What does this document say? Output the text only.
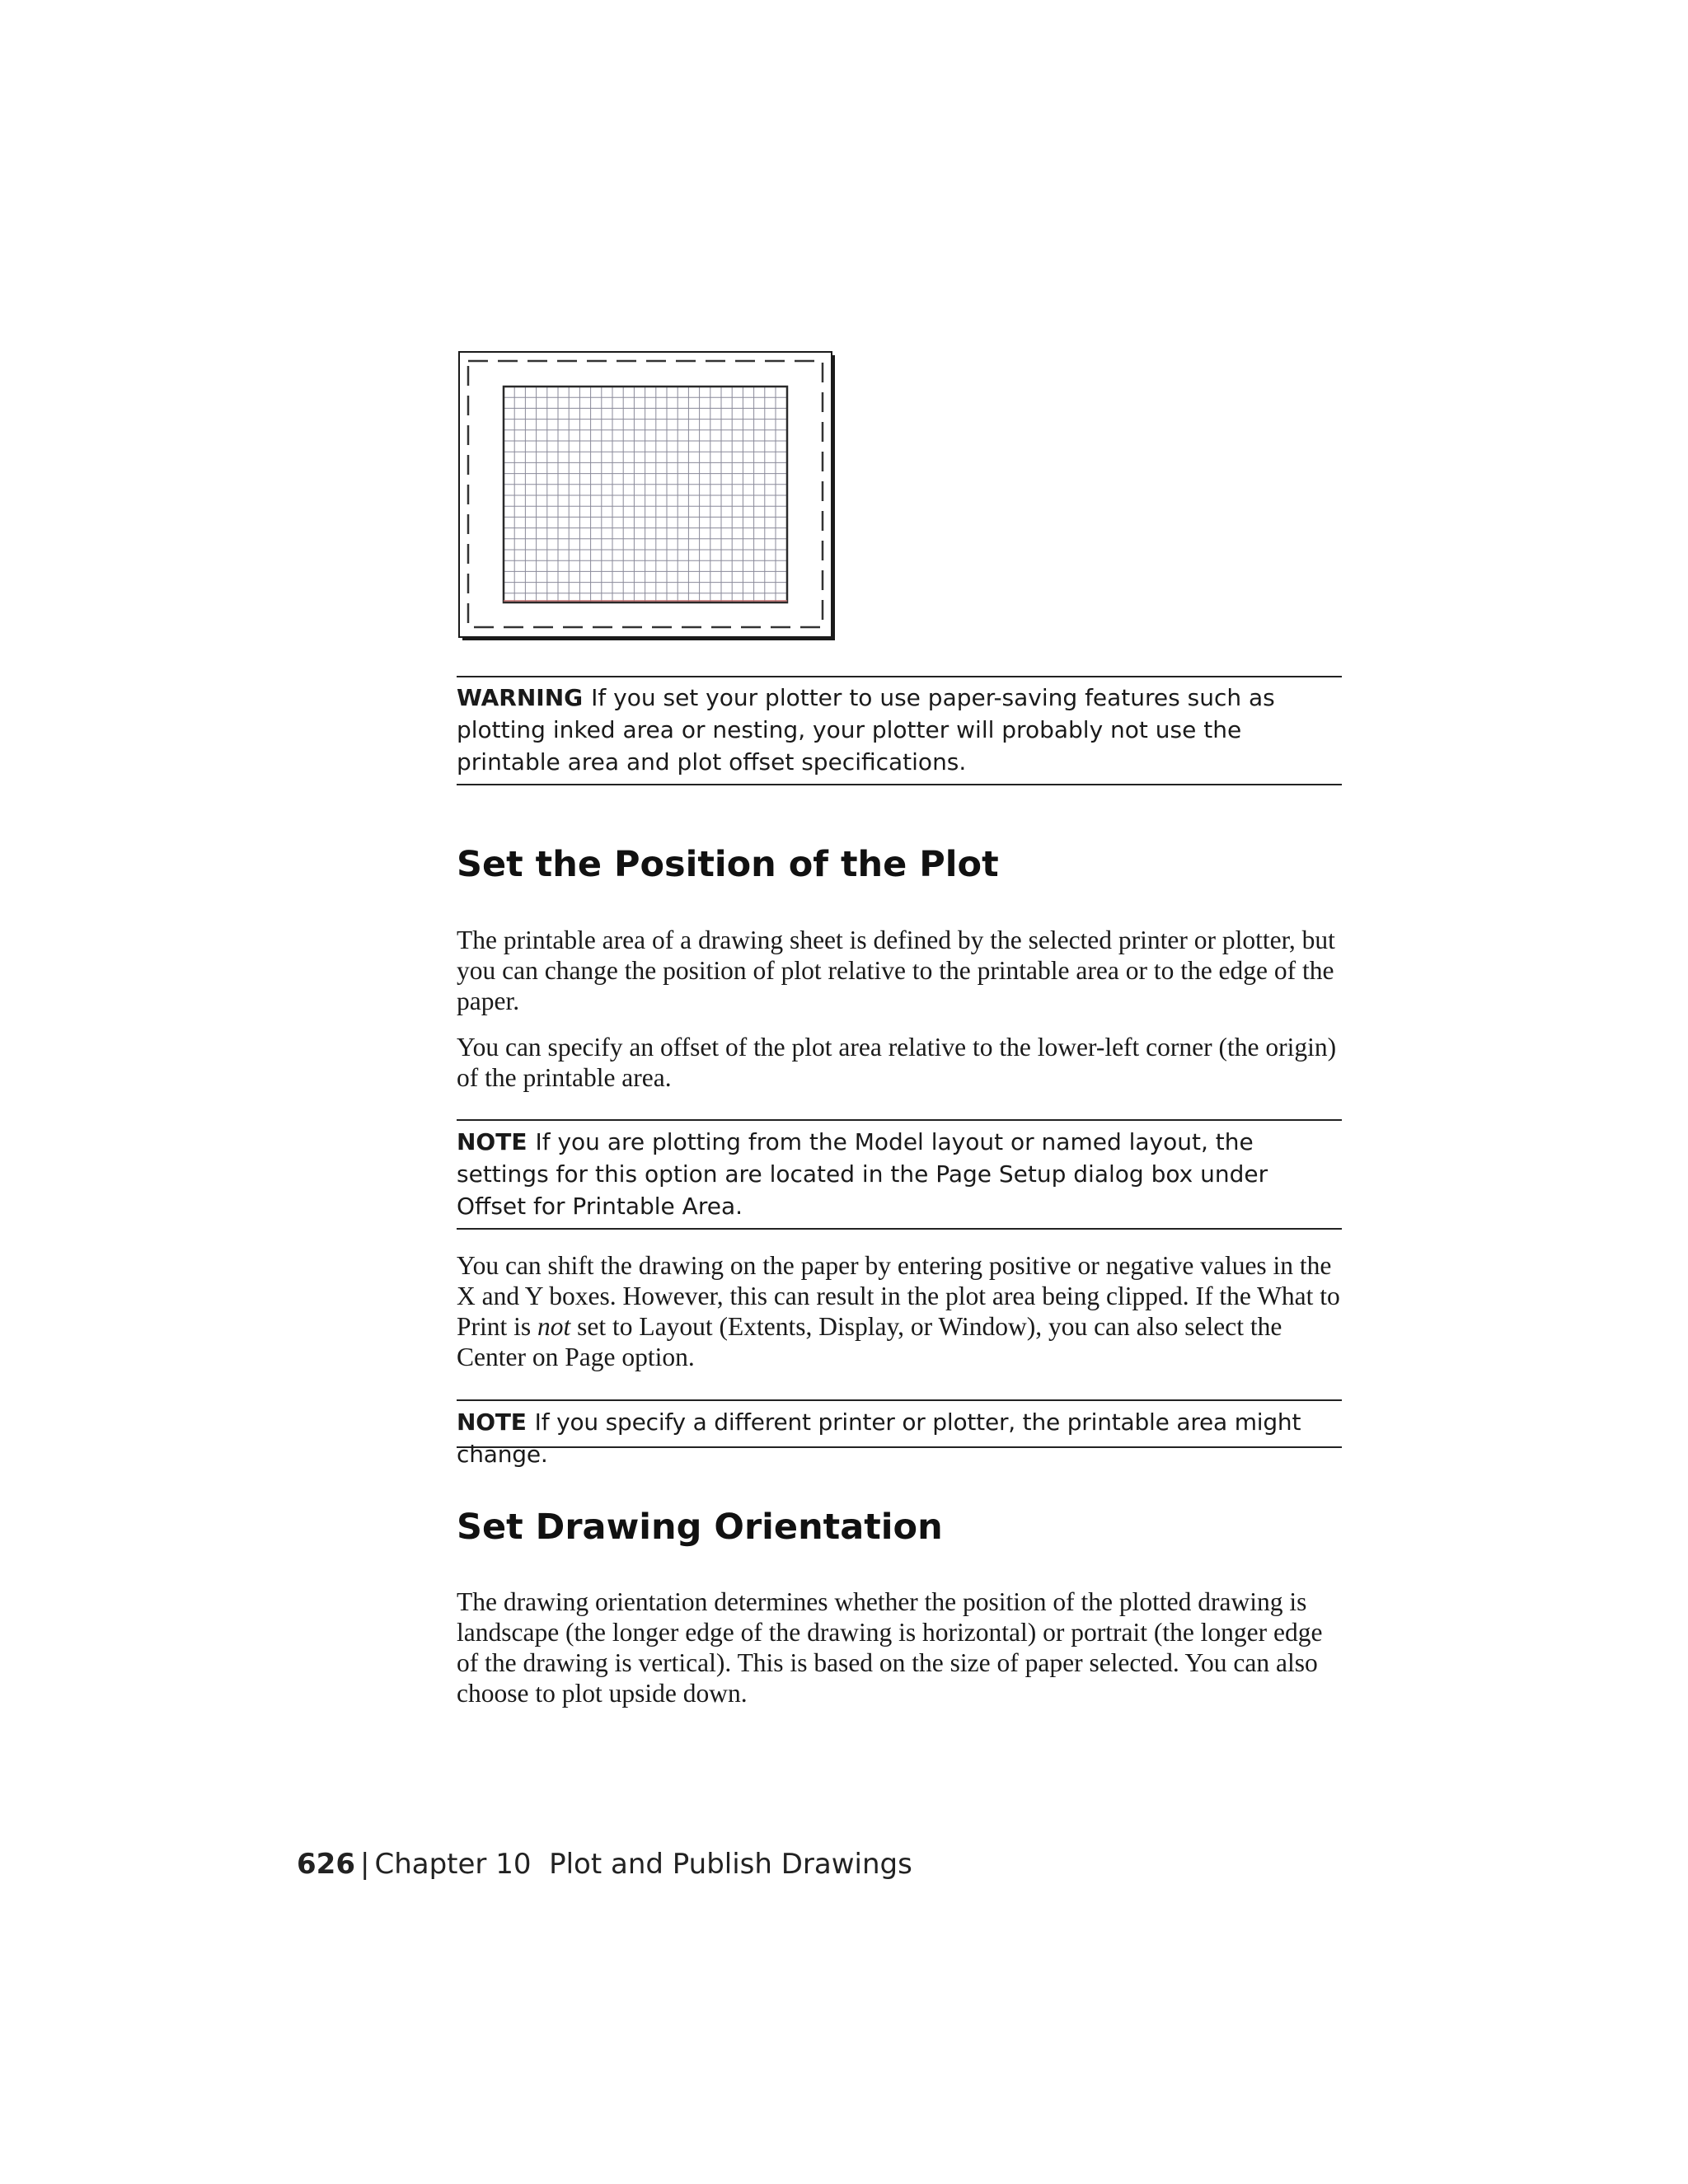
WARNING If you set your plotter to use paper-saving features such as plotting inked area or nesting, your plotter will probably not use the printable area and plot offset specifications.
Set the Position of the Plot

The printable area of a drawing sheet is defined by the selected printer or plotter, but you can change the position of plot relative to the printable area or to the edge of the paper.

You can specify an offset of the plot area relative to the lower-left corner (the origin) of the printable area.

NOTE If you are plotting from the Model layout or named layout, the settings for this option are located in the Page Setup dialog box under Offset for Printable Area.

You can shift the drawing on the paper by entering positive or negative values in the X and Y boxes. However, this can result in the plot area being clipped. If the What to Print is not set to Layout (Extents, Display, or Window), you can also select the Center on Page option.

NOTE If you specify a different printer or plotter, the printable area might change.
Set Drawing Orientation

The drawing orientation determines whether the position of the plotted drawing is landscape (the longer edge of the drawing is horizontal) or portrait (the longer edge of the drawing is vertical). This is based on the size of paper selected. You can also choose to plot upside down.

626 | Chapter 10 Plot and Publish Drawings
